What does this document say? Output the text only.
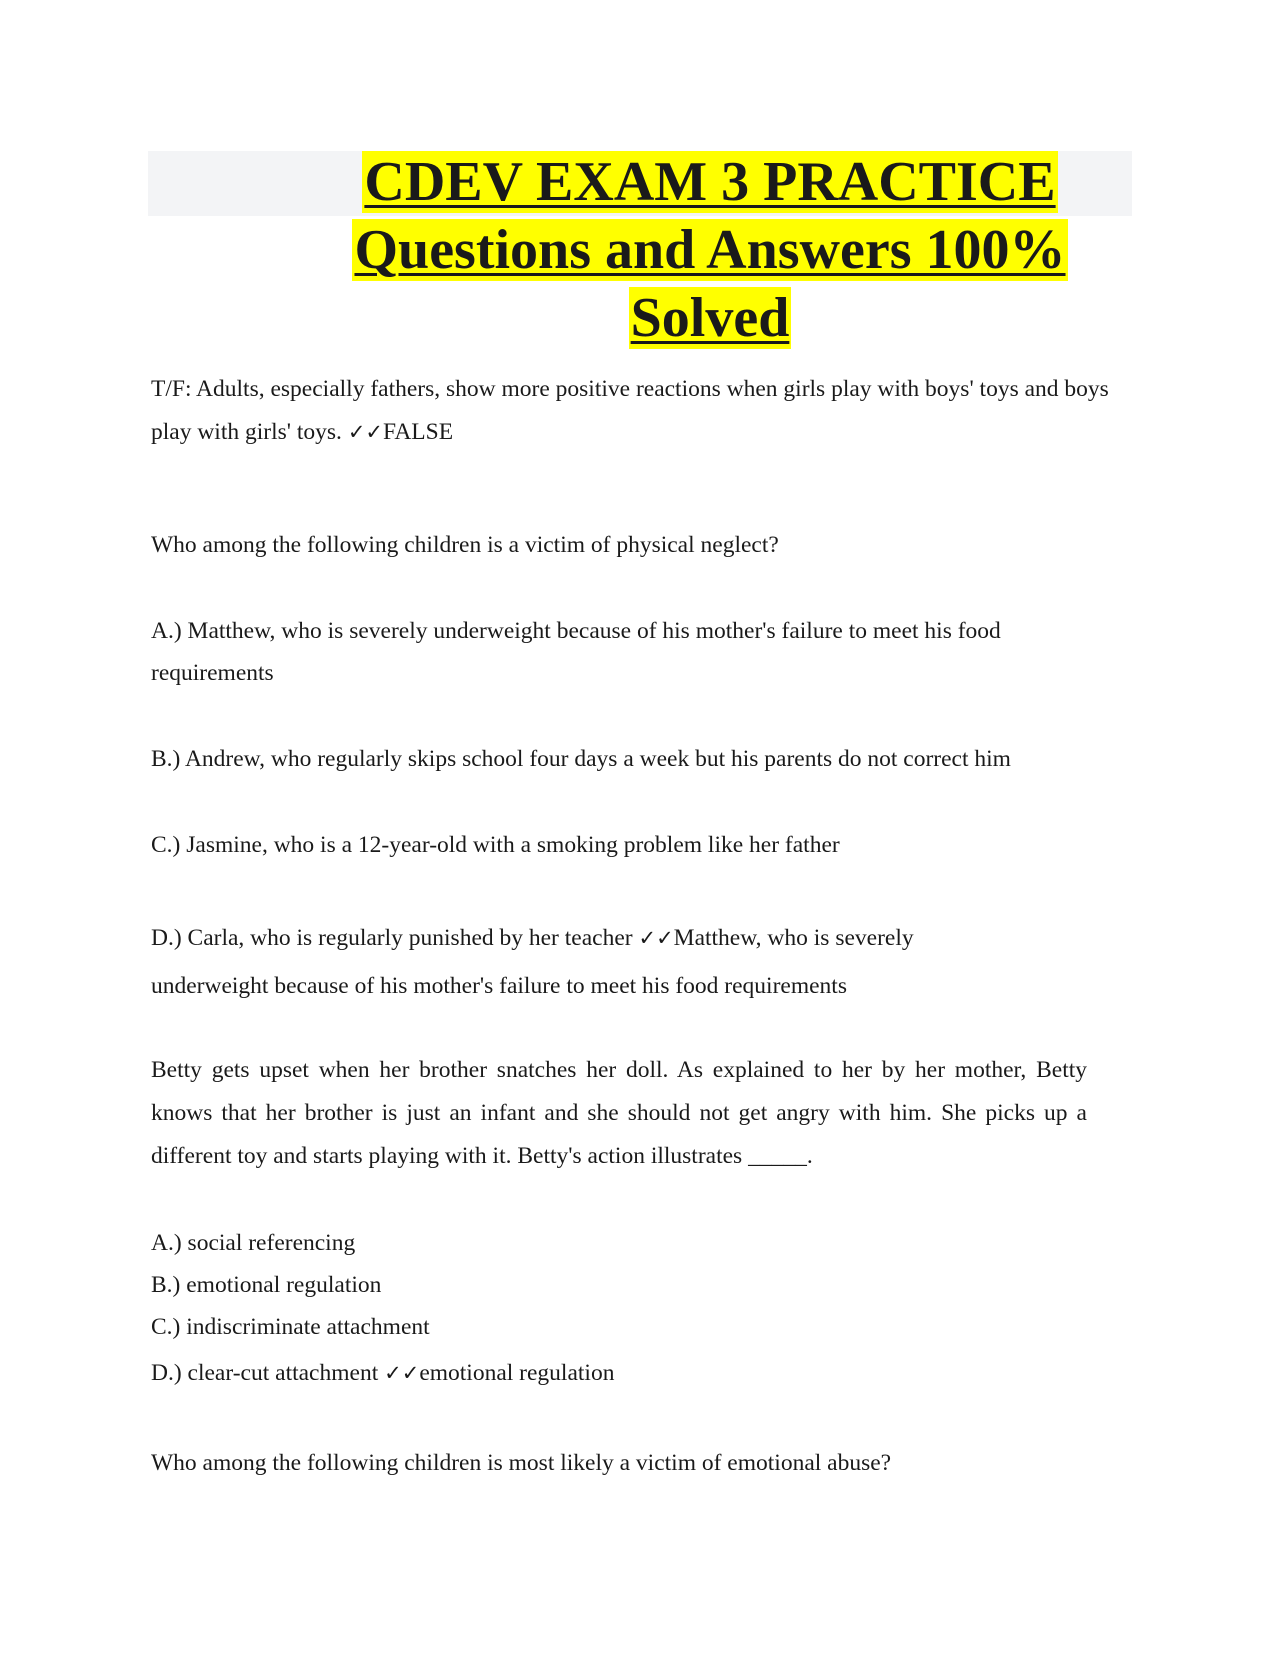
CDEV EXAM 3 PRACTICE
Questions and Answers 100%
Solved

T/F: Adults, especially fathers, show more positive reactions when girls play with boys' toys and boys play with girls' toys. ✓✓FALSE

Who among the following children is a victim of physical neglect?

A.) Matthew, who is severely underweight because of his mother's failure to meet his food requirements

B.) Andrew, who regularly skips school four days a week but his parents do not correct him

C.) Jasmine, who is a 12-year-old with a smoking problem like her father

D.) Carla, who is regularly punished by her teacher ✓✓Matthew, who is severely underweight because of his mother's failure to meet his food requirements

Betty gets upset when her brother snatches her doll. As explained to her by her mother, Betty knows that her brother is just an infant and she should not get angry with him. She picks up a different toy and starts playing with it. Betty's action illustrates _____.

A.) social referencing

B.) emotional regulation

C.) indiscriminate attachment

D.) clear-cut attachment ✓✓emotional regulation

Who among the following children is most likely a victim of emotional abuse?
